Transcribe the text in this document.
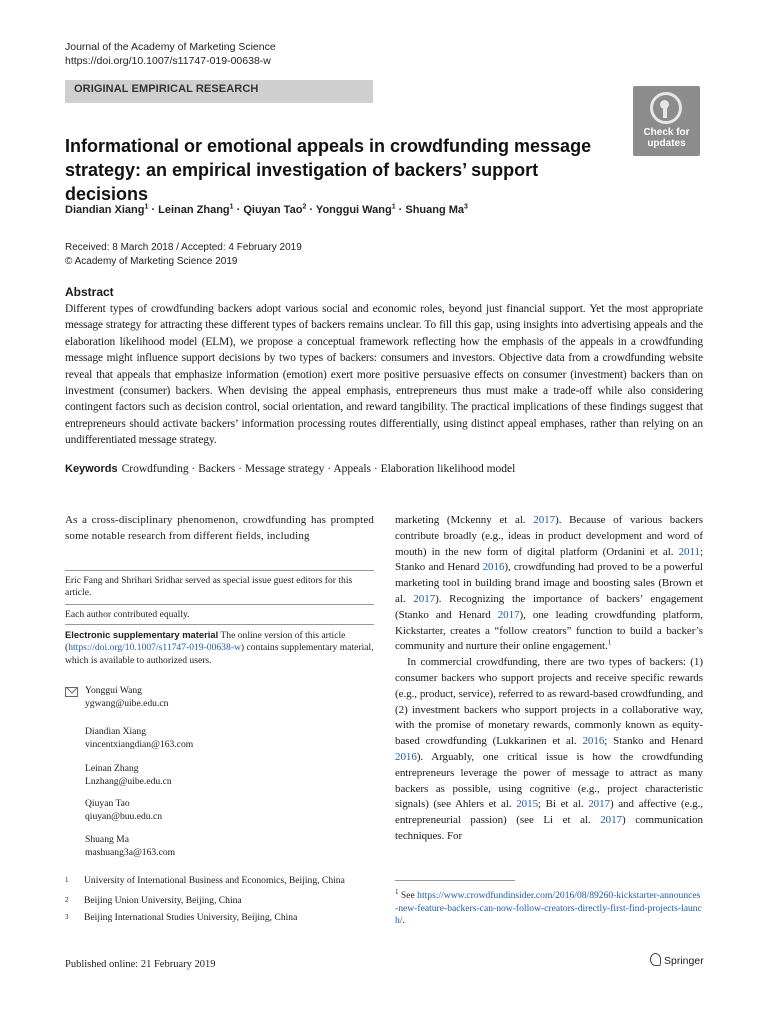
Journal of the Academy of Marketing Science
https://doi.org/10.1007/s11747-019-00638-w
ORIGINAL EMPIRICAL RESEARCH
Check for
updates
Informational or emotional appeals in crowdfunding message strategy: an empirical investigation of backers’ support decisions
Diandian Xiang$^1$ · Leinan Zhang$^1$ · Qiuyan Tao$^2$ · Yonggui Wang$^1$ · Shuang Ma$^3$
Received: 8 March 2018 / Accepted: 4 February 2019
© Academy of Marketing Science 2019
Abstract
Different types of crowdfunding backers adopt various social and economic roles, beyond just financial support. Yet the most appropriate message strategy for attracting these different types of backers remains unclear. To fill this gap, using insights into advertising appeals and the elaboration likelihood model (ELM), we propose a conceptual framework reflecting how the emphasis of the appeals in a crowdfunding message might influence support decisions by two types of backers: consumers and investors. Objective data from a crowdfunding website reveal that appeals that emphasize information (emotion) exert more positive persuasive effects on consumer (investment) backers than on investment (consumer) backers. When devising the appeal emphasis, entrepreneurs thus must make a trade-off while also considering contingent factors such as decision control, social orientation, and reward tangibility. The practical implications of these findings suggest that entrepreneurs should activate backers’ information processing routes differentially, using distinct appeal emphases, rather than relying on an undifferentiated message strategy.
Keywords Crowdfunding · Backers · Message strategy · Appeals · Elaboration likelihood model
As a cross-disciplinary phenomenon, crowdfunding has prompted some notable research from different fields, including
Eric Fang and Shrihari Sridhar served as special issue guest editors for this article.
Each author contributed equally.
Electronic supplementary material The online version of this article (https://doi.org/10.1007/s11747-019-00638-w) contains supplementary material, which is available to authorized users.
Yonggui Wang
ygwang@uibe.edu.cn
Diandian Xiang
vincentxiangdian@163.com
Leinan Zhang
Lnzhang@uibe.edu.cn
Qiuyan Tao
qiuyan@buu.edu.cn
Shuang Ma
mashuang3a@163.com
1 University of International Business and Economics, Beijing, China
2 Beijing Union University, Beijing, China
3 Beijing International Studies University, Beijing, China

marketing (Mckenny et al. 2017). Because of various backers contribute broadly (e.g., ideas in product development and word of mouth) in the new form of digital platform (Ordanini et al. 2011; Stanko and Henard 2016), crowdfunding had proved to be a powerful marketing tool in building brand image and boosting sales (Brown et al. 2017). Recognizing the importance of backers’ engagement (Stanko and Henard 2017), one leading crowdfunding platform, Kickstarter, creates a “follow creators” function to build a backer’s community and nurture their online engagement.$^1$

In commercial crowdfunding, there are two types of backers: (1) consumer backers who support projects and receive specific rewards (e.g., product, service), referred to as reward-based crowdfunding, and (2) investment backers who support projects in a collaborative way, with the promise of monetary rewards, commonly known as equity-based crowdfunding (Lukkarinen et al. 2016; Stanko and Henard 2016). Arguably, one critical issue is how the crowdfunding entrepreneurs leverage the power of message to attract as many backers as possible, using cognitive (e.g., project characteristic signals) (see Ahlers et al. 2015; Bi et al. 2017) and affective (e.g., entrepreneurial passion) (see Li et al. 2017) communication techniques. For

$^1$ See https://www.crowdfundinsider.com/2016/08/89260-kickstarter-announces-new-feature-backers-can-now-follow-creators-directly-first-find-projects-launch/.
Published online: 21 February 2019	Springer
